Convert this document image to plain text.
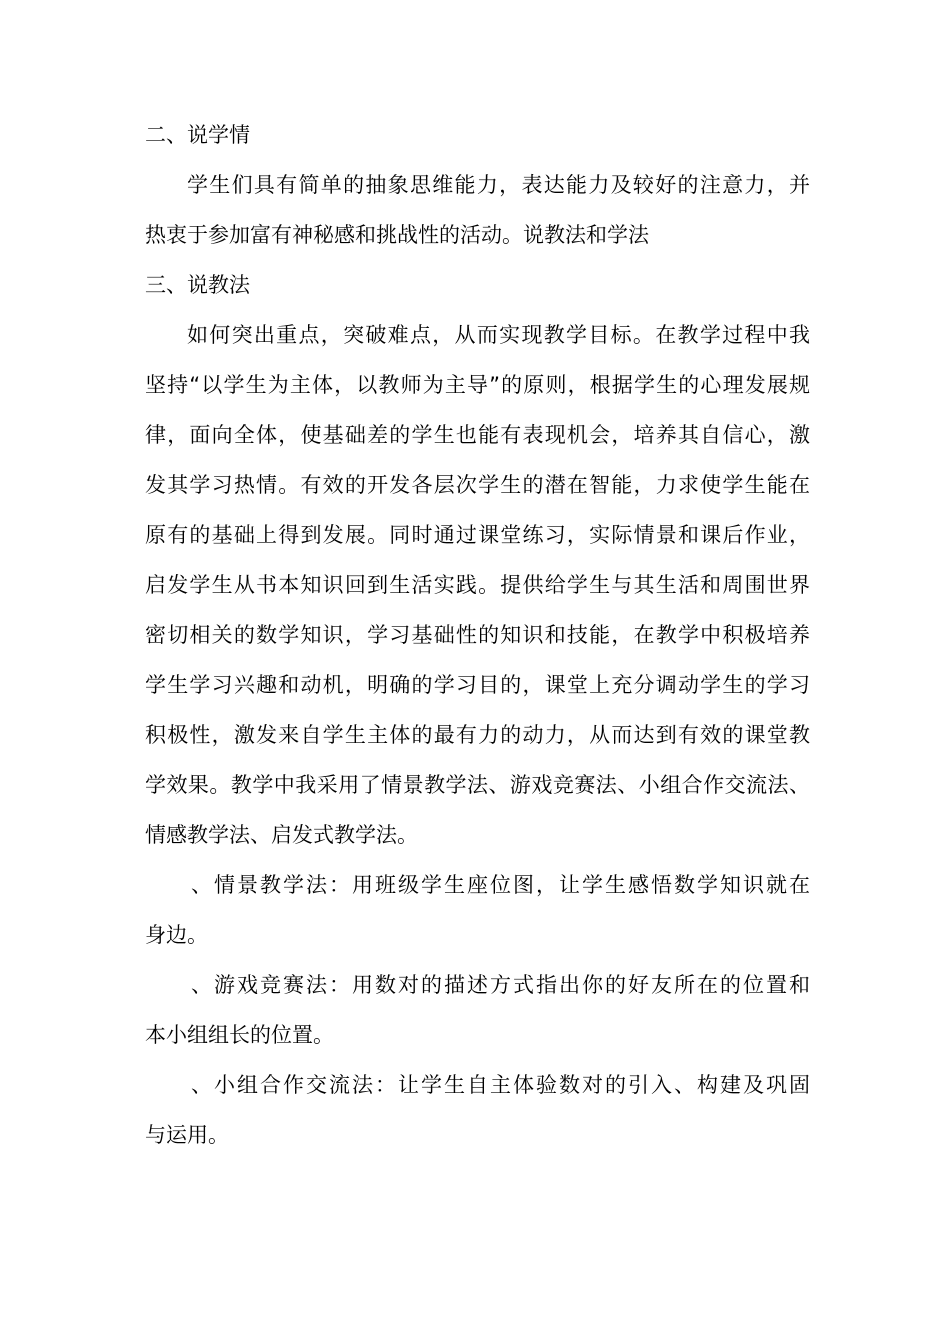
二、说学情
学生们具有简单的抽象思维能力，表达能力及较好的注意力，并
热衷于参加富有神秘感和挑战性的活动。说教法和学法
三、说教法
如何突出重点，突破难点，从而实现教学目标。在教学过程中我
坚持“以学生为主体，以教师为主导”的原则，根据学生的心理发展规
律，面向全体，使基础差的学生也能有表现机会，培养其自信心，激
发其学习热情。有效的开发各层次学生的潜在智能，力求使学生能在
原有的基础上得到发展。同时通过课堂练习，实际情景和课后作业，
启发学生从书本知识回到生活实践。提供给学生与其生活和周围世界
密切相关的数学知识，学习基础性的知识和技能，在教学中积极培养
学生学习兴趣和动机，明确的学习目的，课堂上充分调动学生的学习
积极性，激发来自学生主体的最有力的动力，从而达到有效的课堂教
学效果。教学中我采用了情景教学法、游戏竞赛法、小组合作交流法、
情感教学法、启发式教学法。
、情景教学法：用班级学生座位图，让学生感悟数学知识就在
身边。
、游戏竞赛法：用数对的描述方式指出你的好友所在的位置和
本小组组长的位置。
、小组合作交流法：让学生自主体验数对的引入、构建及巩固
与运用。
